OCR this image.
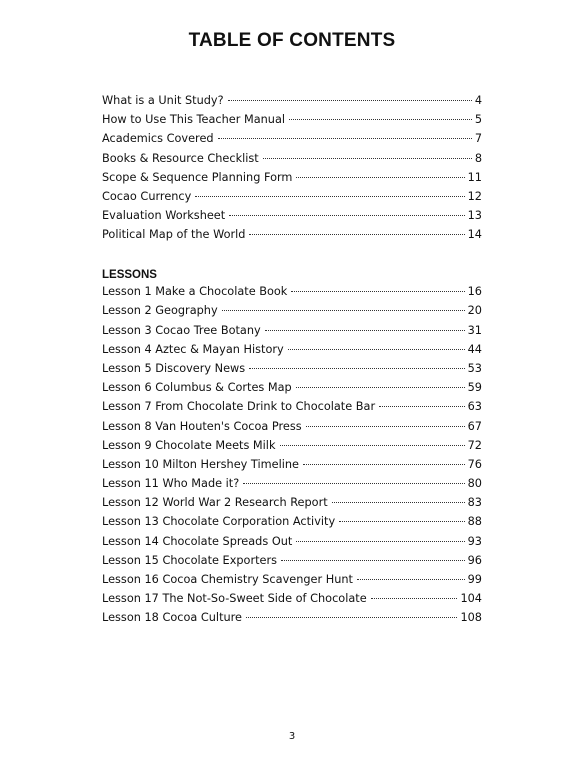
TABLE OF CONTENTS
What is a Unit Study?	4
How to Use This Teacher Manual	5
Academics Covered	7
Books & Resource Checklist	8
Scope & Sequence Planning Form	11
Cocao Currency	12
Evaluation Worksheet	13
Political Map of the World	14
LESSONS
Lesson 1 Make a Chocolate Book	16
Lesson 2 Geography	20
Lesson 3 Cocao Tree Botany	31
Lesson 4 Aztec & Mayan History	44
Lesson 5 Discovery News	53
Lesson 6 Columbus & Cortes Map	59
Lesson 7 From Chocolate Drink to Chocolate Bar	63
Lesson 8 Van Houten's Cocoa Press	67
Lesson 9 Chocolate Meets Milk	72
Lesson 10 Milton Hershey Timeline	76
Lesson 11 Who Made it?	80
Lesson 12 World War 2 Research Report	83
Lesson 13 Chocolate Corporation Activity	88
Lesson 14 Chocolate Spreads Out	93
Lesson 15 Chocolate Exporters	96
Lesson 16 Cocoa Chemistry Scavenger Hunt	99
Lesson 17 The Not-So-Sweet Side of Chocolate	104
Lesson 18 Cocoa Culture	108
3
